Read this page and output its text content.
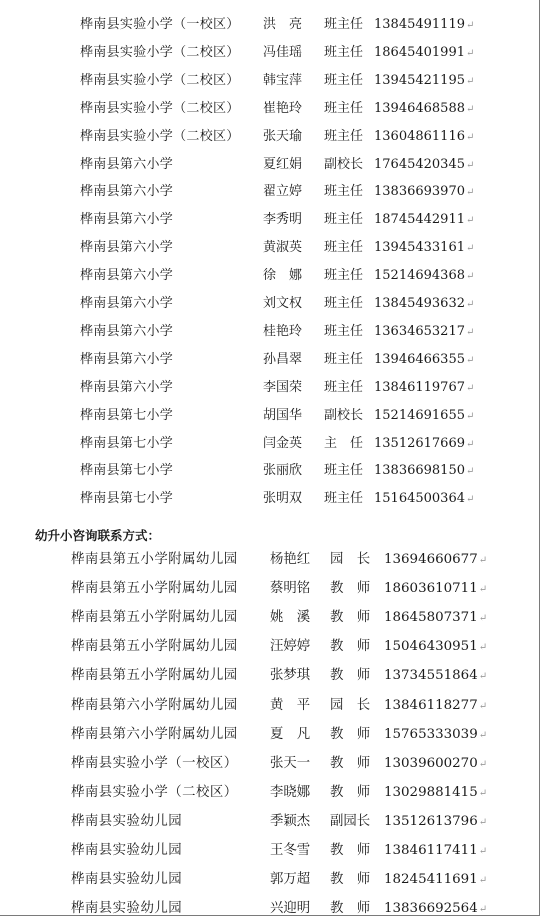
桦南县实验小学（一校区） 洪　亮 班主任 13845491119↵
桦南县实验小学（二校区） 冯佳瑶 班主任 18645401991↵
桦南县实验小学（二校区） 韩宝萍 班主任 13945421195↵
桦南县实验小学（二校区） 崔艳玲 班主任 13946468588↵
桦南县实验小学（二校区） 张天瑜 班主任 13604861116↵
桦南县第六小学	夏红娟 副校长 17645420345↵
桦南县第六小学	翟立婷 班主任 13836693970↵
桦南县第六小学	李秀明 班主任 18745442911↵
桦南县第六小学	黄淑英 班主任 13945433161↵
桦南县第六小学	徐　娜 班主任 15214694368↵
桦南县第六小学	刘文权 班主任 13845493632↵
桦南县第六小学	桂艳玲 班主任 13634653217↵
桦南县第六小学	孙昌翠 班主任 13946466355↵
桦南县第六小学	李国荣 班主任 13846119767↵
桦南县第七小学	胡国华 副校长 15214691655↵
桦南县第七小学	闫金英 主　任 13512617669↵
桦南县第七小学	张丽欣 班主任 13836698150↵
桦南县第七小学	张明双 班主任 15164500364↵
幼升小咨询联系方式：
桦南县第五小学附属幼儿园 杨艳红 园　长 13694660677↵
桦南县第五小学附属幼儿园 蔡明铭 教　师 18603610711↵
桦南县第五小学附属幼儿园 姚　溪 教　师 18645807371↵
桦南县第五小学附属幼儿园 汪婷婷 教　师 15046430951↵
桦南县第五小学附属幼儿园 张梦琪 教　师 13734551864↵
桦南县第六小学附属幼儿园 黄　平 园　长 13846118277↵
桦南县第六小学附属幼儿园 夏　凡 教　师 15765333039↵
桦南县实验小学（一校区） 张天一 教　师 13039600270↵
桦南县实验小学（二校区） 李晓娜 教　师 13029881415↵
桦南县实验幼儿园	季颖杰 副园长 13512613796↵
桦南县实验幼儿园	王冬雪 教　师 13846117411↵
桦南县实验幼儿园	郭万超 教　师 18245411691↵
桦南县实验幼儿园	兴迎明 教　师 13836692564↵
